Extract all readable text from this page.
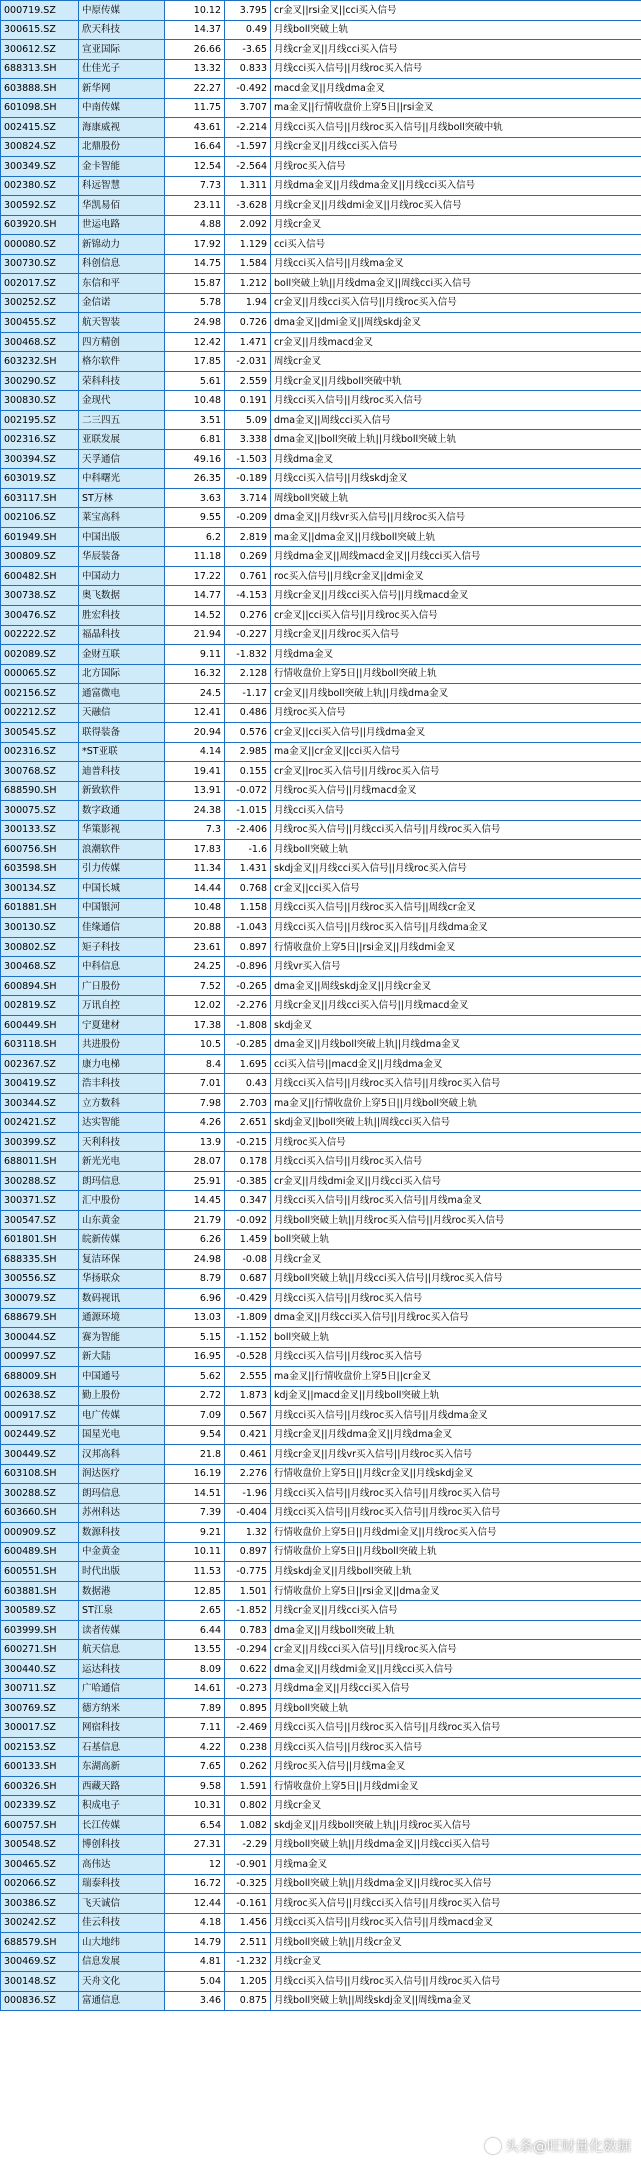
000719.SZ	中原传媒	10.12	3.795	cr金叉||rsi金叉||cci买入信号
300615.SZ	欣天科技	14.37	0.49	月线boll突破上轨
300612.SZ	宣亚国际	26.66	-3.65	月线cr金叉||月线cci买入信号
688313.SH	仕佳光子	13.32	0.833	月线cci买入信号||月线roc买入信号
603888.SH	新华网	22.27	-0.492	macd金叉||月线dma金叉
601098.SH	中南传媒	11.75	3.707	ma金叉||行情收盘价上穿5日||rsi金叉
002415.SZ	海康威视	43.61	-2.214	月线cci买入信号||月线roc买入信号||月线boll突破中轨
300824.SZ	北鼎股份	16.64	-1.597	月线cr金叉||月线cci买入信号
300349.SZ	金卡智能	12.54	-2.564	月线roc买入信号
002380.SZ	科远智慧	7.73	1.311	月线dma金叉||月线dma金叉||月线cci买入信号
300592.SZ	华凯易佰	23.11	-3.628	月线cr金叉||月线dmi金叉||月线roc买入信号
603920.SH	世运电路	4.88	2.092	月线cr金叉
000080.SZ	新锦动力	17.92	1.129	cci买入信号
300730.SZ	科创信息	14.75	1.584	月线cci买入信号||月线ma金叉
002017.SZ	东信和平	15.87	1.212	boll突破上轨||月线dma金叉||周线cci买入信号
300252.SZ	金信诺	5.78	1.94	cr金叉||月线cci买入信号||月线roc买入信号
300455.SZ	航天智装	24.98	0.726	dma金叉||dmi金叉||周线skdj金叉
300468.SZ	四方精创	12.42	1.471	cr金叉||月线macd金叉
603232.SH	格尔软件	17.85	-2.031	周线cr金叉
300290.SZ	荣科科技	5.61	2.559	月线cr金叉||月线boll突破中轨
300830.SZ	金现代	10.48	0.191	月线cci买入信号||月线roc买入信号
002195.SZ	二三四五	3.51	5.09	dma金叉||周线cci买入信号
002316.SZ	亚联发展	6.81	3.338	dma金叉||boll突破上轨||月线boll突破上轨
300394.SZ	天孚通信	49.16	-1.503	月线dma金叉
603019.SZ	中科曙光	26.35	-0.189	月线cci买入信号||月线skdj金叉
603117.SH	ST万林	3.63	3.714	周线boll突破上轨
002106.SZ	莱宝高科	9.55	-0.209	dma金叉||月线vr买入信号||月线roc买入信号
601949.SH	中国出版	6.2	2.819	ma金叉||dma金叉||月线boll突破上轨
300809.SZ	华辰装备	11.18	0.269	月线dma金叉||周线macd金叉||月线cci买入信号
600482.SH	中国动力	17.22	0.761	roc买入信号||月线cr金叉||dmi金叉
300738.SZ	奥飞数据	14.77	-4.153	月线cr金叉||月线cci买入信号||月线macd金叉
300476.SZ	胜宏科技	14.52	0.276	cr金叉||cci买入信号||月线roc买入信号
002222.SZ	福晶科技	21.94	-0.227	月线cr金叉||月线roc买入信号
002089.SZ	金财互联	9.11	-1.832	月线dma金叉
000065.SZ	北方国际	16.32	2.128	行情收盘价上穿5日||月线boll突破上轨
002156.SZ	通富微电	24.5	-1.17	cr金叉||月线boll突破上轨||月线dma金叉
002212.SZ	天融信	12.41	0.486	月线roc买入信号
300545.SZ	联得装备	20.94	0.576	cr金叉||cci买入信号||月线dma金叉
002316.SZ	*ST亚联	4.14	2.985	ma金叉||cr金叉||cci买入信号
300768.SZ	迪普科技	19.41	0.155	cr金叉||roc买入信号||月线roc买入信号
688590.SH	新致软件	13.91	-0.072	月线roc买入信号||月线macd金叉
300075.SZ	数字政通	24.38	-1.015	月线cci买入信号
300133.SZ	华策影视	7.3	-2.406	月线roc买入信号||月线cci买入信号||月线roc买入信号
600756.SH	浪潮软件	17.83	-1.6	月线boll突破上轨
603598.SH	引力传媒	11.34	1.431	skdj金叉||月线cci买入信号||月线roc买入信号
300134.SZ	中国长城	14.44	0.768	cr金叉||cci买入信号
601881.SH	中国银河	10.48	1.158	月线cci买入信号||月线roc买入信号||周线cr金叉
300130.SZ	佳缘通信	20.88	-1.043	月线cci买入信号||月线roc买入信号||月线dma金叉
300802.SZ	矩子科技	23.61	0.897	行情收盘价上穿5日||rsi金叉||月线dmi金叉
300468.SZ	中科信息	24.25	-0.896	月线vr买入信号
600894.SH	广日股份	7.52	-0.265	dma金叉||周线skdj金叉||月线cr金叉
002819.SZ	万讯自控	12.02	-2.276	月线cr金叉||月线cci买入信号||月线macd金叉
600449.SH	宁夏建材	17.38	-1.808	skdj金叉
603118.SH	共进股份	10.5	-0.285	dma金叉||月线boll突破上轨||月线dma金叉
002367.SZ	康力电梯	8.4	1.695	cci买入信号||macd金叉||月线dma金叉
300419.SZ	浩丰科技	7.01	0.43	月线cci买入信号||月线roc买入信号||月线roc买入信号
300344.SZ	立方数科	7.98	2.703	ma金叉||行情收盘价上穿5日||月线boll突破上轨
002421.SZ	达实智能	4.26	2.651	skdj金叉||boll突破上轨||周线cci买入信号
300399.SZ	天利科技	13.9	-0.215	月线roc买入信号
688011.SH	新光光电	28.07	0.178	月线cci买入信号||月线roc买入信号
300288.SZ	朗玛信息	25.91	-0.385	cr金叉||月线dmi金叉||月线cci买入信号
300371.SZ	汇中股份	14.45	0.347	月线cci买入信号||月线roc买入信号||月线ma金叉
300547.SZ	山东黄金	21.79	-0.092	月线boll突破上轨||月线roc买入信号||月线roc买入信号
601801.SH	皖新传媒	6.26	1.459	boll突破上轨
688335.SH	复洁环保	24.98	-0.08	月线cr金叉
300556.SZ	华扬联众	8.79	0.687	月线boll突破上轨||月线cci买入信号||月线roc买入信号
300079.SZ	数码视讯	6.96	-0.429	月线cci买入信号||月线roc买入信号
688679.SH	通源环境	13.03	-1.809	dma金叉||月线cci买入信号||月线roc买入信号
300044.SZ	赛为智能	5.15	-1.152	boll突破上轨
000997.SZ	新大陆	16.95	-0.528	月线cci买入信号||月线roc买入信号
688009.SH	中国通号	5.62	2.555	ma金叉||行情收盘价上穿5日||cr金叉
002638.SZ	勤上股份	2.72	1.873	kdj金叉||macd金叉||月线boll突破上轨
000917.SZ	电广传媒	7.09	0.567	月线cci买入信号||月线roc买入信号||月线dma金叉
002449.SZ	国星光电	9.54	0.421	月线cr金叉||月线dma金叉||月线dma金叉
300449.SZ	汉邦高科	21.8	0.461	月线cr金叉||月线vr买入信号||月线roc买入信号
603108.SH	润达医疗	16.19	2.276	行情收盘价上穿5日||月线cr金叉||月线skdj金叉
300288.SZ	朗玛信息	14.51	-1.96	月线cci买入信号||月线roc买入信号||月线roc买入信号
603660.SH	苏州科达	7.39	-0.404	月线cci买入信号||月线roc买入信号||月线roc买入信号
000909.SZ	数源科技	9.21	1.32	行情收盘价上穿5日||月线dmi金叉||月线roc买入信号
600489.SH	中金黄金	10.11	0.897	行情收盘价上穿5日||月线boll突破上轨
600551.SH	时代出版	11.53	-0.775	月线skdj金叉||月线boll突破上轨
603881.SH	数据港	12.85	1.501	行情收盘价上穿5日||rsi金叉||dma金叉
300589.SZ	ST江泉	2.65	-1.852	月线cr金叉||月线cci买入信号
603999.SH	读者传媒	6.44	0.783	dma金叉||月线boll突破上轨
600271.SH	航天信息	13.55	-0.294	cr金叉||月线cci买入信号||月线roc买入信号
300440.SZ	运达科技	8.09	0.622	dma金叉||月线dmi金叉||月线cci买入信号
300711.SZ	广哈通信	14.61	-0.273	月线dma金叉||月线cci买入信号
300769.SZ	德方纳米	7.89	0.895	月线boll突破上轨
300017.SZ	网宿科技	7.11	-2.469	月线cci买入信号||月线roc买入信号||月线roc买入信号
002153.SZ	石基信息	4.22	0.238	月线cci买入信号||月线roc买入信号
600133.SH	东湖高新	7.65	0.262	月线roc买入信号||月线ma金叉
600326.SH	西藏天路	9.58	1.591	行情收盘价上穿5日||月线dmi金叉
002339.SZ	积成电子	10.31	0.802	月线cr金叉
600757.SH	长江传媒	6.54	1.082	skdj金叉||月线boll突破上轨||月线roc买入信号
300548.SZ	博创科技	27.31	-2.29	月线boll突破上轨||月线dma金叉||月线cci买入信号
300465.SZ	高伟达	12	-0.901	月线ma金叉
002066.SZ	瑞泰科技	16.72	-0.325	月线boll突破上轨||月线dma金叉||月线roc买入信号
300386.SZ	飞天诚信	12.44	-0.161	月线roc买入信号||月线cci买入信号||月线roc买入信号
300242.SZ	佳云科技	4.18	1.456	月线cci买入信号||月线roc买入信号||月线macd金叉
688579.SH	山大地纬	14.79	2.511	月线boll突破上轨||月线cr金叉
300469.SZ	信息发展	4.81	-1.232	月线cr金叉
300148.SZ	天舟文化	5.04	1.205	月线cci买入信号||月线roc买入信号||月线roc买入信号
000836.SZ	富通信息	3.46	0.875	月线boll突破上轨||周线skdj金叉||周线ma金叉
头条@旺财量化数据
